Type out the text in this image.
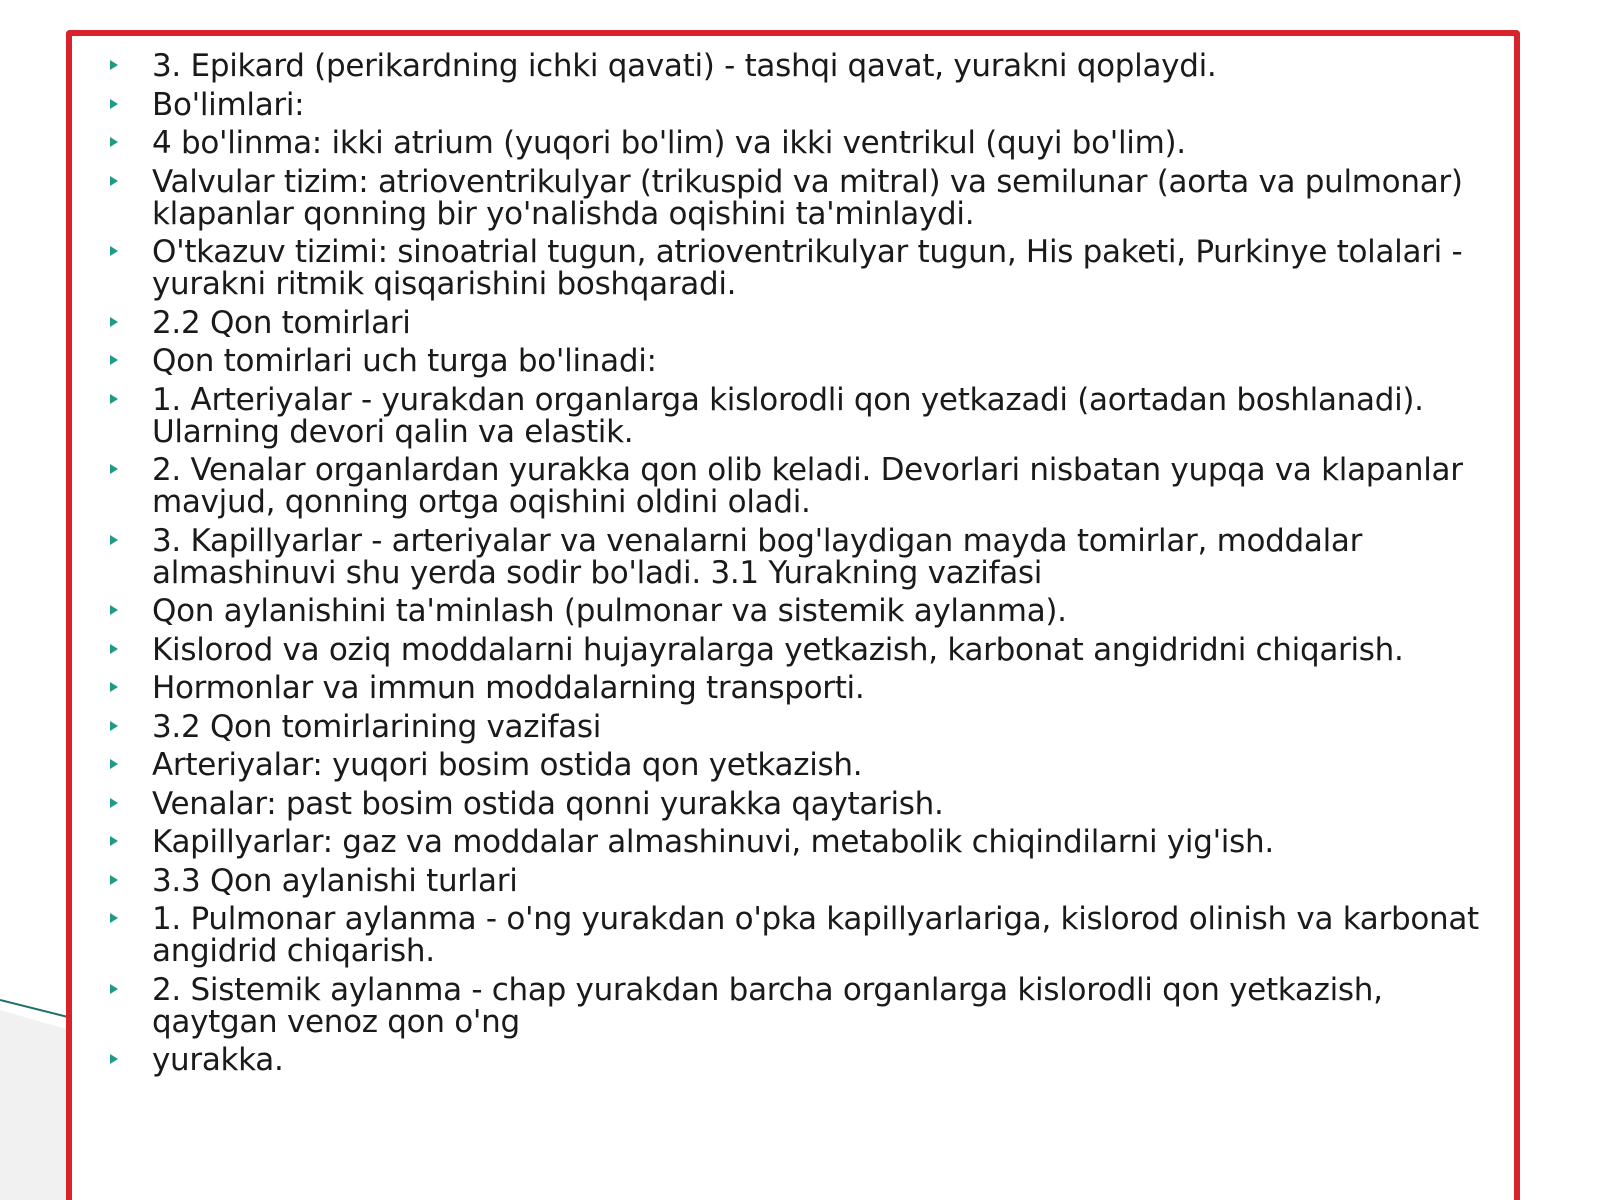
3. Epikard (perikardning ichki qavati) - tashqi qavat, yurakni qoplaydi.
Bo'limlari:
4 bo'linma: ikki atrium (yuqori bo'lim) va ikki ventrikul (quyi bo'lim).
Valvular tizim: atrioventrikulyar (trikuspid va mitral) va semilunar (aorta va pulmonar) klapanlar qonning bir yo'nalishda oqishini ta'minlaydi.
O'tkazuv tizimi: sinoatrial tugun, atrioventrikulyar tugun, His paketi, Purkinye tolalari - yurakni ritmik qisqarishini boshqaradi.
2.2 Qon tomirlari
Qon tomirlari uch turga bo'linadi:
1. Arteriyalar - yurakdan organlarga kislorodli qon yetkazadi (aortadan boshlanadi). Ularning devori qalin va elastik.
2. Venalar organlardan yurakka qon olib keladi. Devorlari nisbatan yupqa va klapanlar mavjud, qonning ortga oqishini oldini oladi.
3. Kapillyarlar - arteriyalar va venalarni bog'laydigan mayda tomirlar, moddalar almashinuvi shu yerda sodir bo'ladi. 3.1 Yurakning vazifasi
Qon aylanishini ta'minlash (pulmonar va sistemik aylanma).
Kislorod va oziq moddalarni hujayralarga yetkazish, karbonat angidridni chiqarish.
Hormonlar va immun moddalarning transporti.
3.2 Qon tomirlarining vazifasi
Arteriyalar: yuqori bosim ostida qon yetkazish.
Venalar: past bosim ostida qonni yurakka qaytarish.
Kapillyarlar: gaz va moddalar almashinuvi, metabolik chiqindilarni yig'ish.
3.3 Qon aylanishi turlari
1. Pulmonar aylanma - o'ng yurakdan o'pka kapillyarlariga, kislorod olinish va karbonat angidrid chiqarish.
2. Sistemik aylanma - chap yurakdan barcha organlarga kislorodli qon yetkazish, qaytgan venoz qon o'ng
yurakka.
